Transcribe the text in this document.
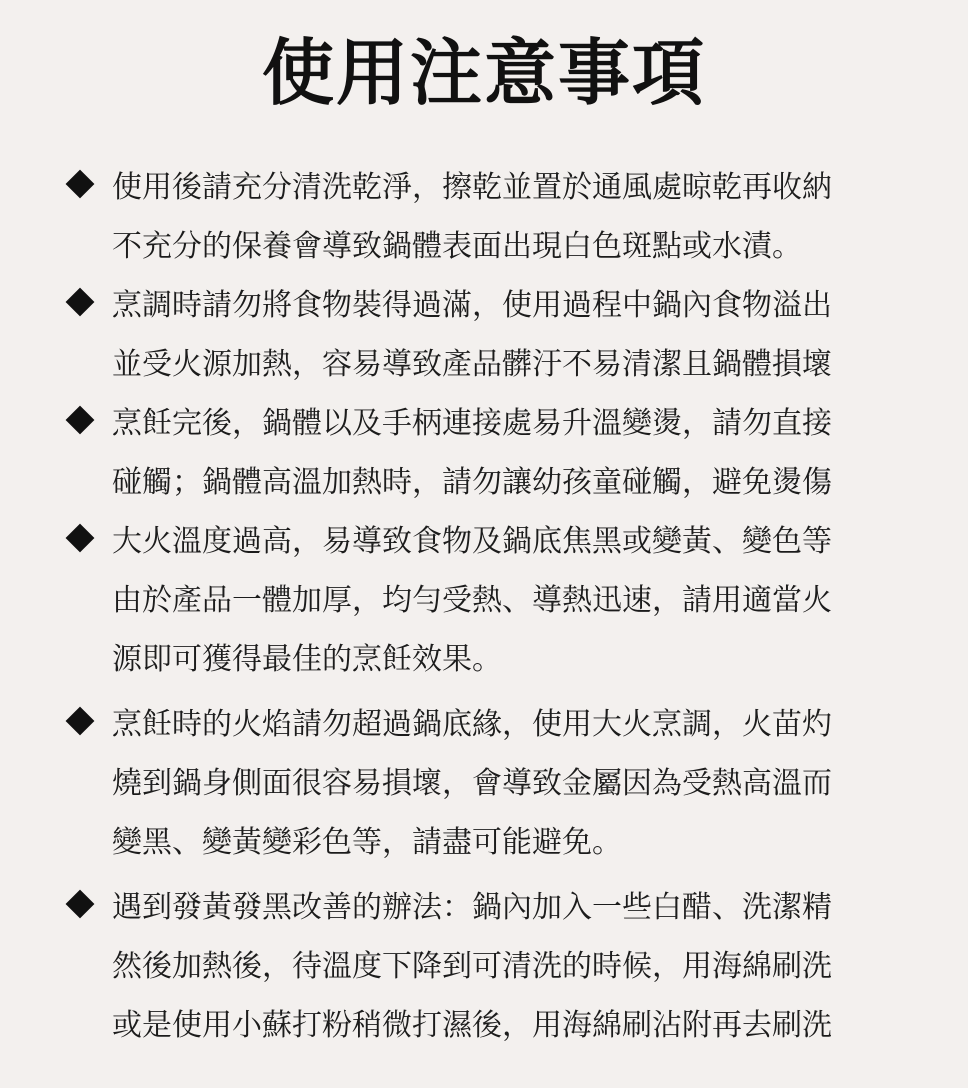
使用注意事項
使用後請充分清洗乾淨，擦乾並置於通風處晾乾再收納
不充分的保養會導致鍋體表面出現白色斑點或水漬。
烹調時請勿將食物裝得過滿，使用過程中鍋內食物溢出
並受火源加熱，容易導致產品髒汙不易清潔且鍋體損壞
烹飪完後，鍋體以及手柄連接處易升溫變燙，請勿直接
碰觸；鍋體高溫加熱時，請勿讓幼孩童碰觸，避免燙傷
大火溫度過高，易導致食物及鍋底焦黑或變黃、變色等
由於產品一體加厚，均勻受熱、導熱迅速，請用適當火
源即可獲得最佳的烹飪效果。
烹飪時的火焰請勿超過鍋底緣，使用大火烹調，火苗灼
燒到鍋身側面很容易損壞，會導致金屬因為受熱高溫而
變黑、變黃變彩色等，請盡可能避免。
遇到發黃發黑改善的辦法：鍋內加入一些白醋、洗潔精
然後加熱後，待溫度下降到可清洗的時候，用海綿刷洗
或是使用小蘇打粉稍微打濕後，用海綿刷沾附再去刷洗
